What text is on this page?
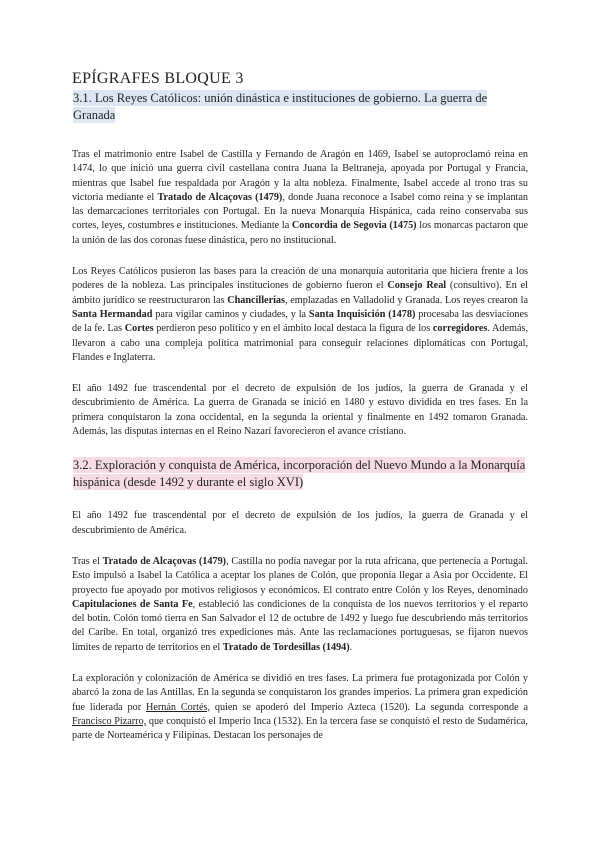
EPÍGRAFES BLOQUE 3
3.1. Los Reyes Católicos: unión dinástica e instituciones de gobierno. La guerra de Granada

Tras el matrimonio entre Isabel de Castilla y Fernando de Aragón en 1469, Isabel se autoproclamó reina en 1474, lo que inició una guerra civil castellana contra Juana la Beltraneja, apoyada por Portugal y Francia, mientras que Isabel fue respaldada por Aragón y la alta nobleza. Finalmente, Isabel accede al trono tras su victoria mediante el Tratado de Alcaçovas (1479), donde Juana reconoce a Isabel como reina y se implantan las demarcaciones territoriales con Portugal. En la nueva Monarquía Hispánica, cada reino conservaba sus cortes, leyes, costumbres e instituciones. Mediante la Concordia de Segovia (1475) los monarcas pactaron que la unión de las dos coronas fuese dinástica, pero no institucional.

Los Reyes Católicos pusieron las bases para la creación de una monarquía autoritaria que hiciera frente a los poderes de la nobleza. Las principales instituciones de gobierno fueron el Consejo Real (consultivo). En el ámbito jurídico se reestructuraron las Chancillerías, emplazadas en Valladolid y Granada. Los reyes crearon la Santa Hermandad para vigilar caminos y ciudades, y la Santa Inquisición (1478) procesaba las desviaciones de la fe. Las Cortes perdieron peso político y en el ámbito local destaca la figura de los corregidores. Además, llevaron a cabo una compleja política matrimonial para conseguir relaciones diplomáticas con Portugal, Flandes e Inglaterra.

El año 1492 fue trascendental por el decreto de expulsión de los judíos, la guerra de Granada y el descubrimiento de América. La guerra de Granada se inició en 1480 y estuvo dividida en tres fases. En la primera conquistaron la zona occidental, en la segunda la oriental y finalmente en 1492 tomaron Granada. Además, las disputas internas en el Reino Nazarí favorecieron el avance cristiano.

3.2. Exploración y conquista de América, incorporación del Nuevo Mundo a la Monarquía hispánica (desde 1492 y durante el siglo XVI)

El año 1492 fue trascendental por el decreto de expulsión de los judíos, la guerra de Granada y el descubrimiento de América.

Tras el Tratado de Alcaçovas (1479), Castilla no podía navegar por la ruta africana, que pertenecía a Portugal. Esto impulsó a Isabel la Católica a aceptar los planes de Colón, que proponía llegar a Asia por Occidente. El proyecto fue apoyado por motivos religiosos y económicos. El contrato entre Colón y los Reyes, denominado Capitulaciones de Santa Fe, estableció las condiciones de la conquista de los nuevos territorios y el reparto del botín. Colón tomó tierra en San Salvador el 12 de octubre de 1492 y luego fue descubriendo más territorios del Caribe. En total, organizó tres expediciones más. Ante las reclamaciones portuguesas, se fijaron nuevos límites de reparto de territorios en el Tratado de Tordesillas (1494).

La exploración y colonización de América se dividió en tres fases. La primera fue protagonizada por Colón y abarcó la zona de las Antillas. En la segunda se conquistaron los grandes imperios. La primera gran expedición fue liderada por Hernán Cortés, quien se apoderó del Imperio Azteca (1520). La segunda corresponde a Francisco Pizarro, que conquistó el Imperio Inca (1532). En la tercera fase se conquistó el resto de Sudamérica, parte de Norteamérica y Filipinas. Destacan los personajes de
